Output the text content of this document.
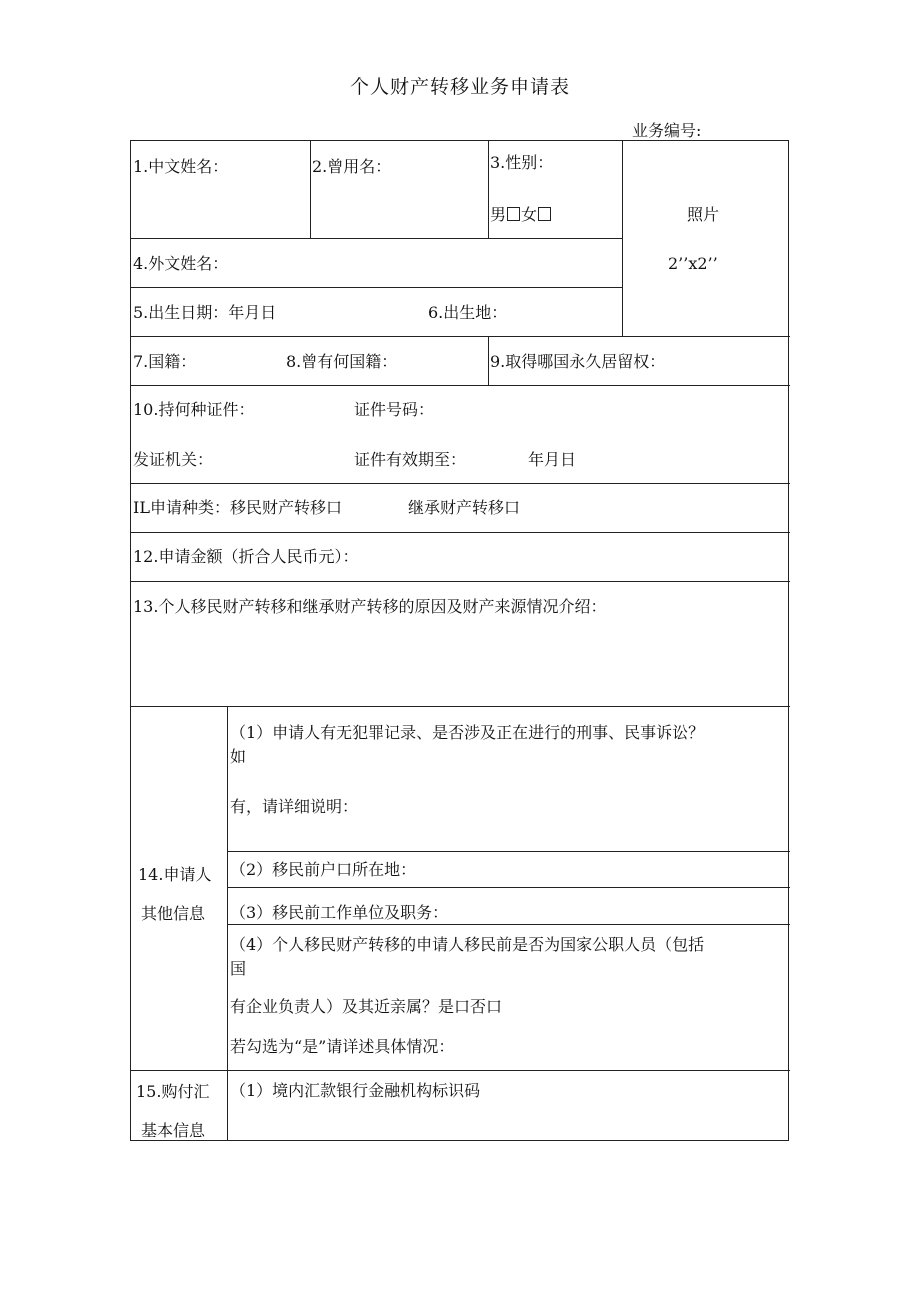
个人财产转移业务申请表
业务编号:
1.中文姓名：	2.曾用名：	3.性别：
男 女	照片
2’’x2’’
4.外文姓名：
5.出生日期：年月日	6.出生地：
7.国籍：	8.曾有何国籍：	9.取得哪国永久居留权：
10.持何种证件：	证件号码：
发证机关：	证件有效期至：	年月日
IL申请种类：移民财产转移口	继承财产转移口
12.申请金额（折合人民币元）：
13.个人移民财产转移和继承财产转移的原因及财产来源情况介绍：
14.申请人
其他信息
（1）申请人有无犯罪记录、是否涉及正在进行的刑事、民事诉讼？
如
有，请详细说明：
（2）移民前户口所在地：
（3）移民前工作单位及职务：
（4）个人移民财产转移的申请人移民前是否为国家公职人员（包括
国
有企业负责人）及其近亲属？是口否口
若勾选为“是”请详述具体情况：
15.购付汇
基本信息
（1）境内汇款银行金融机构标识码
